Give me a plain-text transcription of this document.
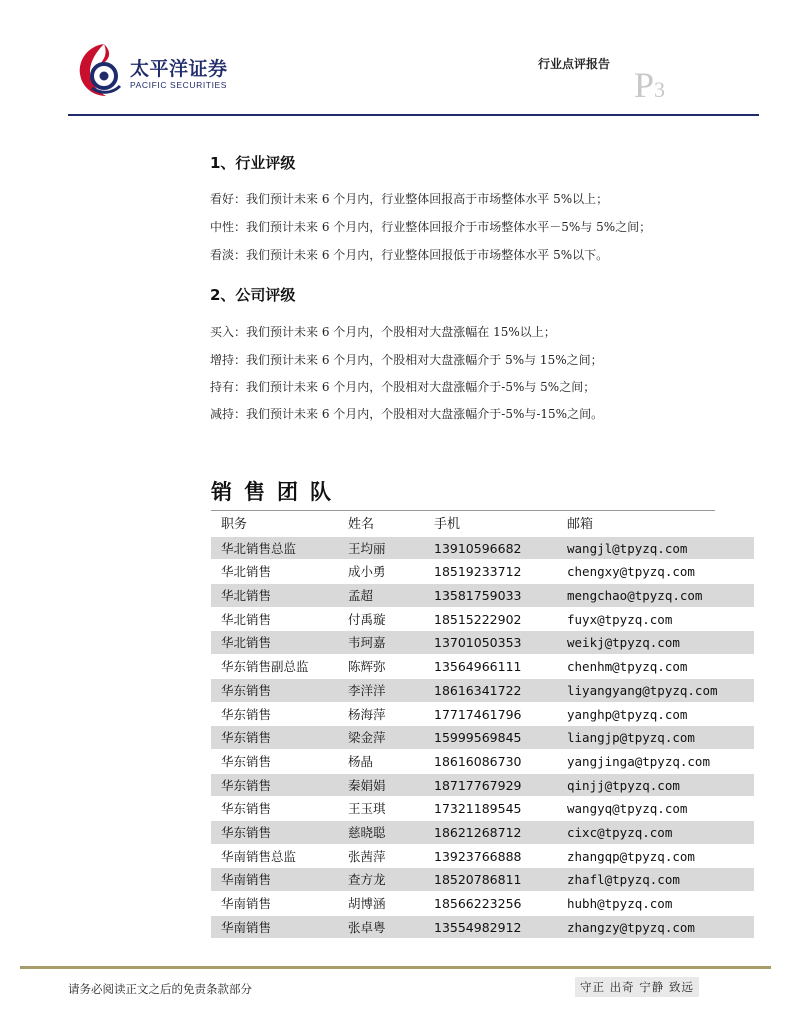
太平洋证券
PACIFIC SECURITIES
行业点评报告
P3
1、行业评级
看好：我们预计未来 6 个月内，行业整体回报高于市场整体水平 5%以上；
中性：我们预计未来 6 个月内，行业整体回报介于市场整体水平－5%与 5%之间；
看淡：我们预计未来 6 个月内，行业整体回报低于市场整体水平 5%以下。
2、公司评级
买入：我们预计未来 6 个月内，个股相对大盘涨幅在 15%以上；
增持：我们预计未来 6 个月内，个股相对大盘涨幅介于 5%与 15%之间；
持有：我们预计未来 6 个月内，个股相对大盘涨幅介于-5%与 5%之间；
减持：我们预计未来 6 个月内，个股相对大盘涨幅介于-5%与-15%之间。
销售团队
职务	姓名	手机	邮箱
华北销售总监	王均丽	13910596682	wangjl@tpyzq.com
华北销售	成小勇	18519233712	chengxy@tpyzq.com
华北销售	孟超	13581759033	mengchao@tpyzq.com
华北销售	付禹璇	18515222902	fuyx@tpyzq.com
华北销售	韦珂嘉	13701050353	weikj@tpyzq.com
华东销售副总监	陈辉弥	13564966111	chenhm@tpyzq.com
华东销售	李洋洋	18616341722	liyangyang@tpyzq.com
华东销售	杨海萍	17717461796	yanghp@tpyzq.com
华东销售	梁金萍	15999569845	liangjp@tpyzq.com
华东销售	杨晶	18616086730	yangjinga@tpyzq.com
华东销售	秦娟娟	18717767929	qinjj@tpyzq.com
华东销售	王玉琪	17321189545	wangyq@tpyzq.com
华东销售	慈晓聪	18621268712	cixc@tpyzq.com
华南销售总监	张茜萍	13923766888	zhangqp@tpyzq.com
华南销售	查方龙	18520786811	zhafl@tpyzq.com
华南销售	胡博涵	18566223256	hubh@tpyzq.com
华南销售	张卓粤	13554982912	zhangzy@tpyzq.com
请务必阅读正文之后的免责条款部分	守正 出奇 宁静 致远
